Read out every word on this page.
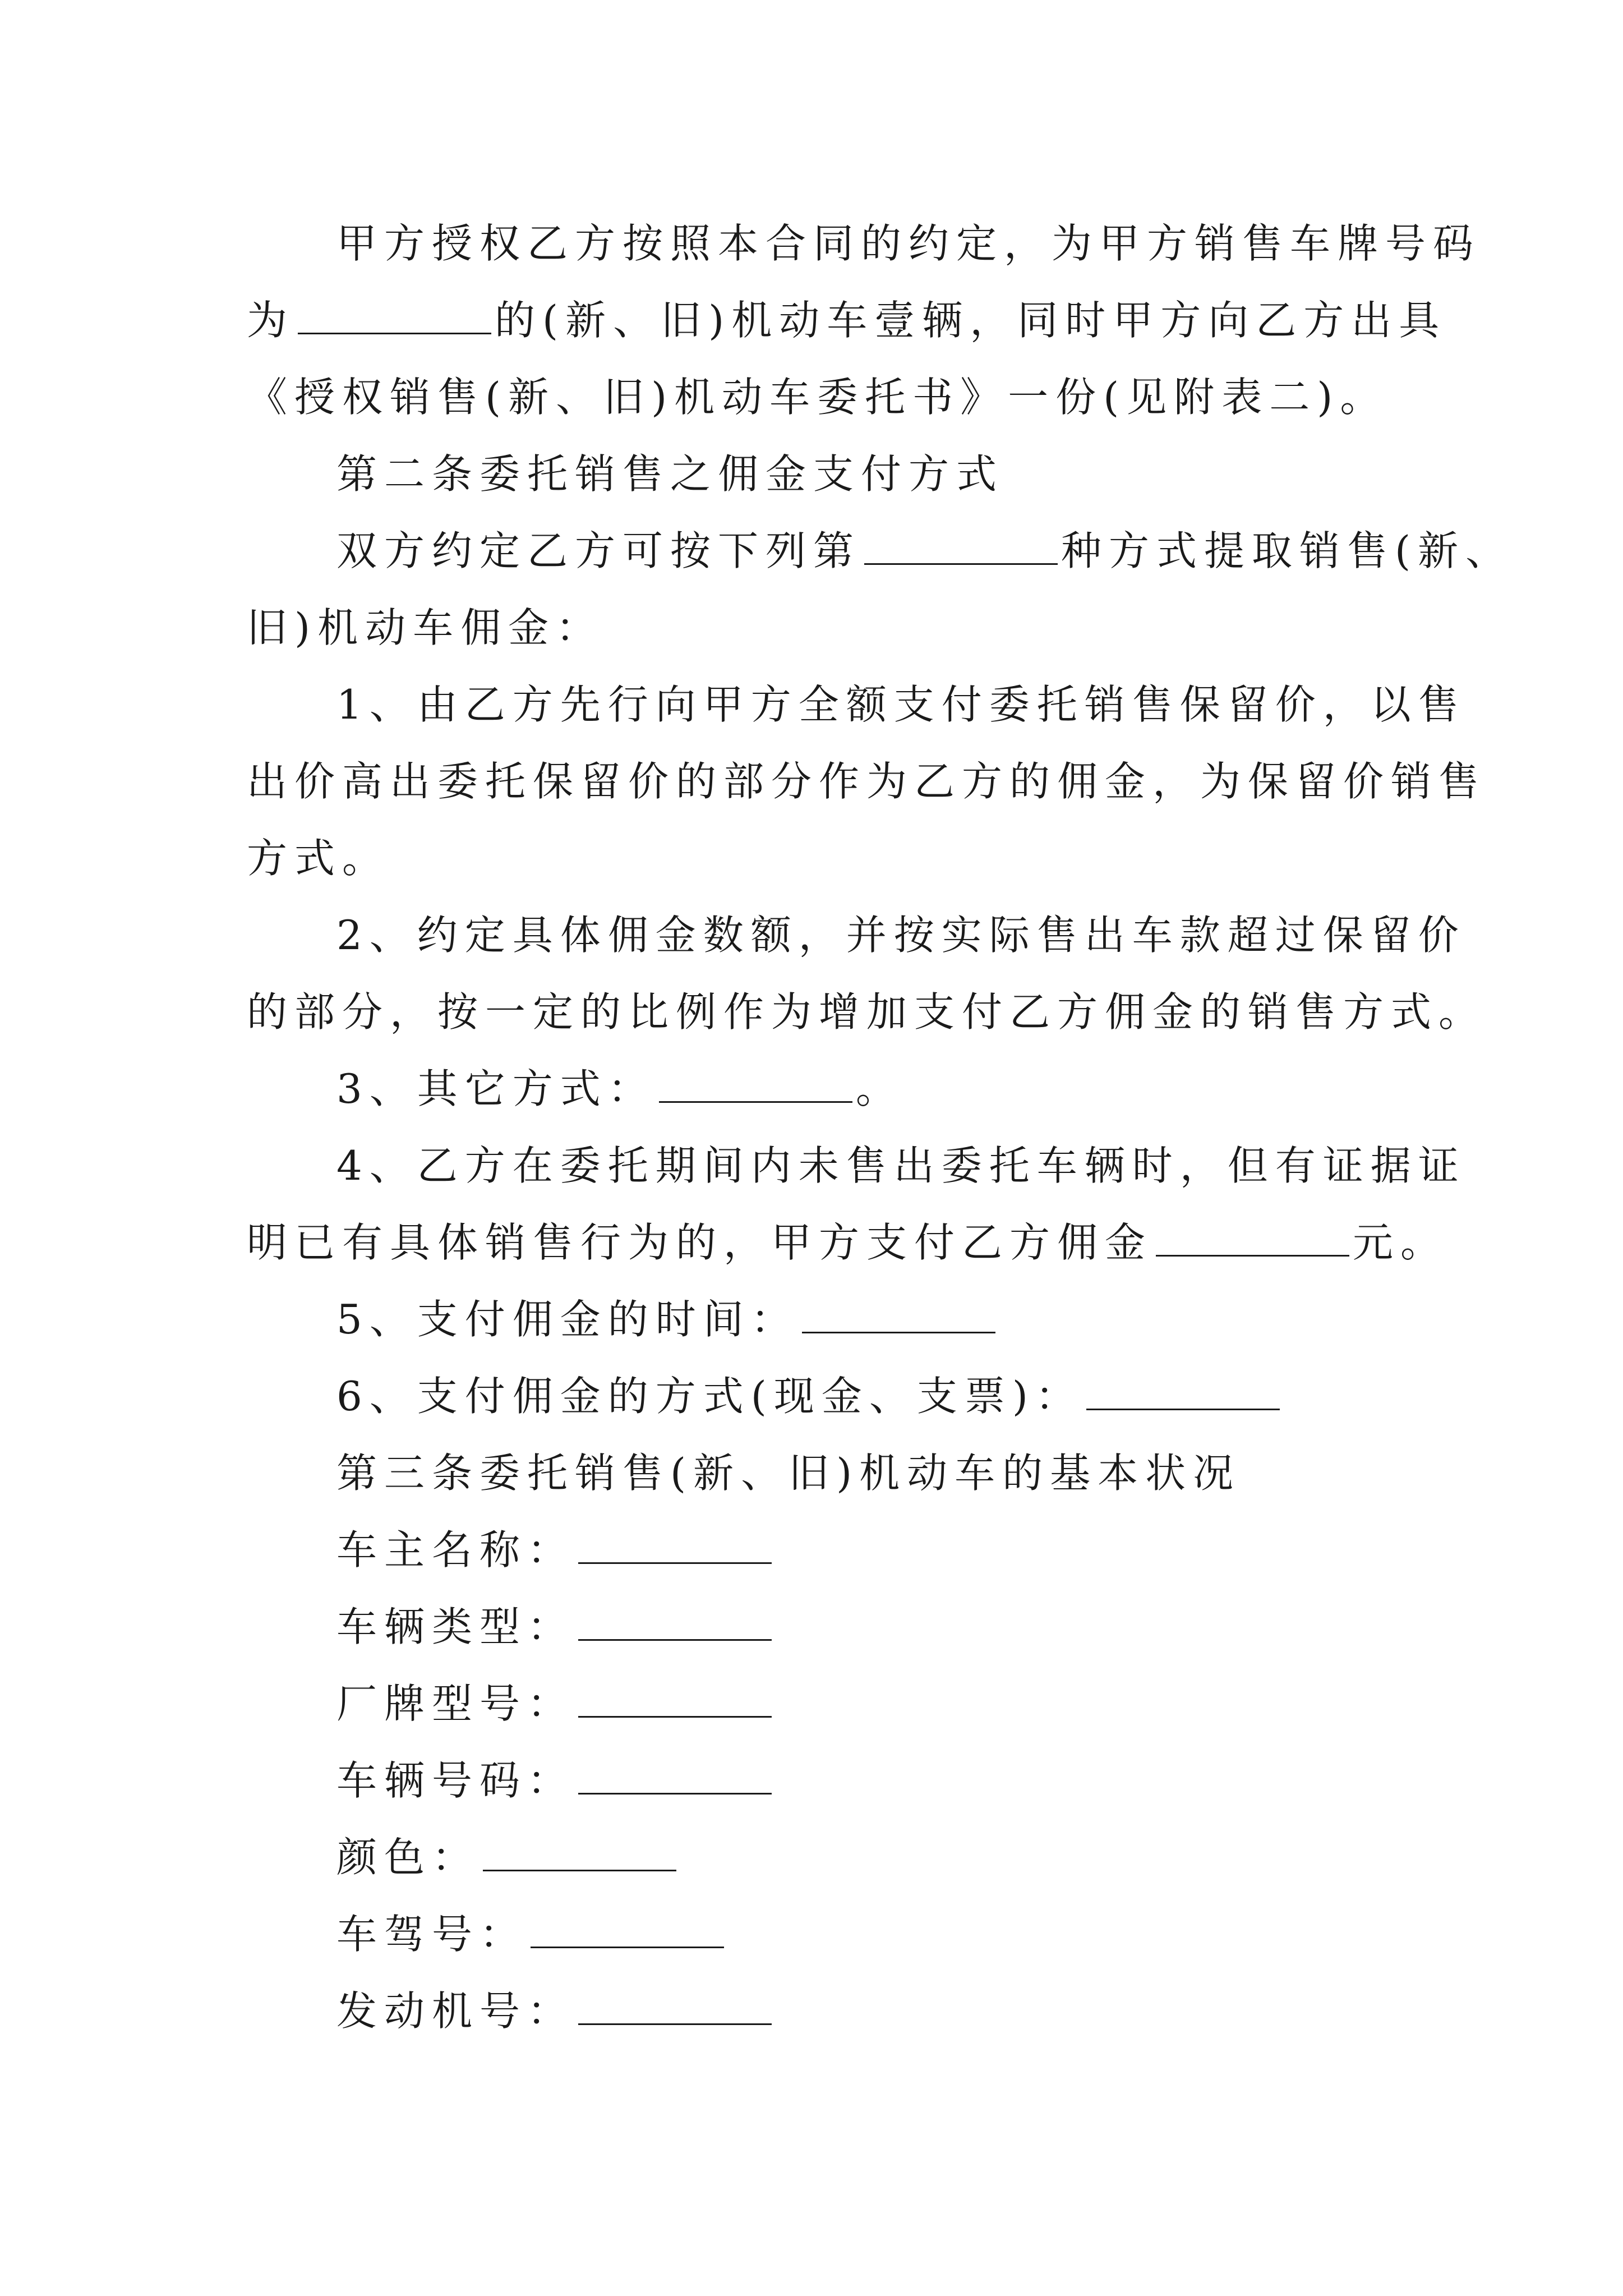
甲方授权乙方按照本合同的约定，为甲方销售车牌号码
为	的(新、旧)机动车壹辆，同时甲方向乙方出具
《授权销售(新、旧)机动车委托书》一份(见附表二)。
第二条委托销售之佣金支付方式
双方约定乙方可按下列第	种方式提取销售(新、
旧)机动车佣金：
1、由乙方先行向甲方全额支付委托销售保留价，以售
出价高出委托保留价的部分作为乙方的佣金，为保留价销售
方式。
2、约定具体佣金数额，并按实际售出车款超过保留价
的部分，按一定的比例作为增加支付乙方佣金的销售方式。
3、其它方式：	。
4、乙方在委托期间内未售出委托车辆时，但有证据证
明已有具体销售行为的，甲方支付乙方佣金	元。
5、支付佣金的时间：
6、支付佣金的方式(现金、支票)：
第三条委托销售(新、旧)机动车的基本状况
车主名称：
车辆类型：
厂牌型号：
车辆号码：
颜色：
车驾号：
发动机号：
